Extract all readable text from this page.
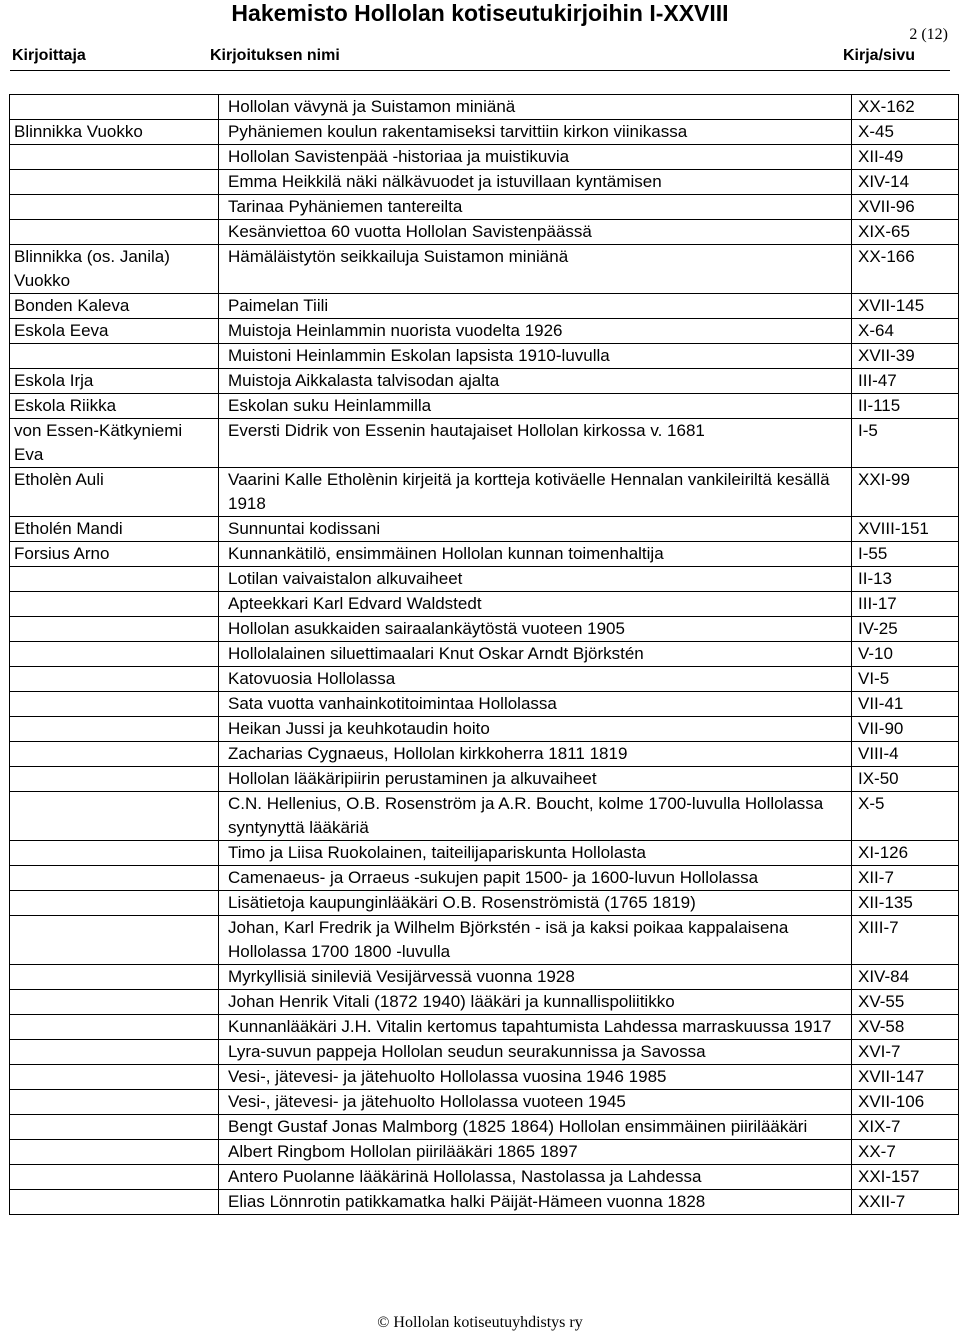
Hakemisto Hollolan kotiseutukirjoihin I-XXVIII
2 (12)
Kirjoittaja	Kirjoituksen nimi	Kirja/sivu
	Hollolan vävynä ja Suistamon miniänä	XX-162
Blinnikka Vuokko	Pyhäniemen koulun rakentamiseksi tarvittiin kirkon viinikassa	X-45
	Hollolan Savistenpää -historiaa ja muistikuvia	XII-49
	Emma Heikkilä näki nälkävuodet ja istuvillaan kyntämisen	XIV-14
	Tarinaa Pyhäniemen tantereilta	XVII-96
	Kesänviettoa 60 vuotta Hollolan Savistenpäässä	XIX-65
Blinnikka (os. Janila) Vuokko	Hämäläistytön seikkailuja Suistamon miniänä	XX-166
Bonden Kaleva	Paimelan Tiili	XVII-145
Eskola Eeva	Muistoja Heinlammin nuorista vuodelta 1926	X-64
	Muistoni Heinlammin Eskolan lapsista 1910-luvulla	XVII-39
Eskola Irja	Muistoja Aikkalasta talvisodan ajalta	III-47
Eskola Riikka	Eskolan suku Heinlammilla	II-115
von Essen-Kätkyniemi Eva	Eversti Didrik von Essenin hautajaiset Hollolan kirkossa v. 1681	I-5
Etholèn Auli	Vaarini Kalle Etholènin kirjeitä ja kortteja kotiväelle Hennalan vankileiriltä kesällä 1918	XXI-99
Etholén Mandi	Sunnuntai kodissani	XVIII-151
Forsius Arno	Kunnankätilö, ensimmäinen Hollolan kunnan toimenhaltija	I-55
	Lotilan vaivaistalon alkuvaiheet	II-13
	Apteekkari Karl Edvard Waldstedt	III-17
	Hollolan asukkaiden sairaalankäytöstä vuoteen 1905	IV-25
	Hollolalainen siluettimaalari Knut Oskar Arndt Björkstén	V-10
	Katovuosia Hollolassa	VI-5
	Sata vuotta vanhainkotitoimintaa Hollolassa	VII-41
	Heikan Jussi ja keuhkotaudin hoito	VII-90
	Zacharias Cygnaeus, Hollolan kirkkoherra 1811 1819	VIII-4
	Hollolan lääkäripiirin perustaminen ja alkuvaiheet	IX-50
	C.N. Hellenius, O.B. Rosenström ja A.R. Boucht, kolme 1700-luvulla Hollolassa syntynyttä lääkäriä	X-5
	Timo ja Liisa Ruokolainen, taiteilijapariskunta Hollolasta	XI-126
	Camenaeus- ja Orraeus -sukujen papit 1500- ja 1600-luvun Hollolassa	XII-7
	Lisätietoja kaupunginlääkäri O.B. Rosenströmistä (1765 1819)	XII-135
	Johan, Karl Fredrik ja Wilhelm Björkstén - isä ja kaksi poikaa kappalaisena Hollolassa 1700 1800 -luvulla	XIII-7
	Myrkyllisiä sinileviä Vesijärvessä vuonna 1928	XIV-84
	Johan Henrik Vitali (1872 1940) lääkäri ja kunnallispoliitikko	XV-55
	Kunnanlääkäri J.H. Vitalin kertomus tapahtumista Lahdessa marraskuussa 1917	XV-58
	Lyra-suvun pappeja Hollolan seudun seurakunnissa ja Savossa	XVI-7
	Vesi-, jätevesi- ja jätehuolto Hollolassa vuosina 1946 1985	XVII-147
	Vesi-, jätevesi- ja jätehuolto Hollolassa vuoteen 1945	XVII-106
	Bengt Gustaf Jonas Malmborg (1825 1864) Hollolan ensimmäinen piirilääkäri	XIX-7
	Albert Ringbom Hollolan piirilääkäri 1865 1897	XX-7
	Antero Puolanne lääkärinä Hollolassa, Nastolassa ja Lahdessa	XXI-157
	Elias Lönnrotin patikkamatka halki Päijät-Hämeen vuonna 1828	XXII-7
© Hollolan kotiseutuyhdistys ry
